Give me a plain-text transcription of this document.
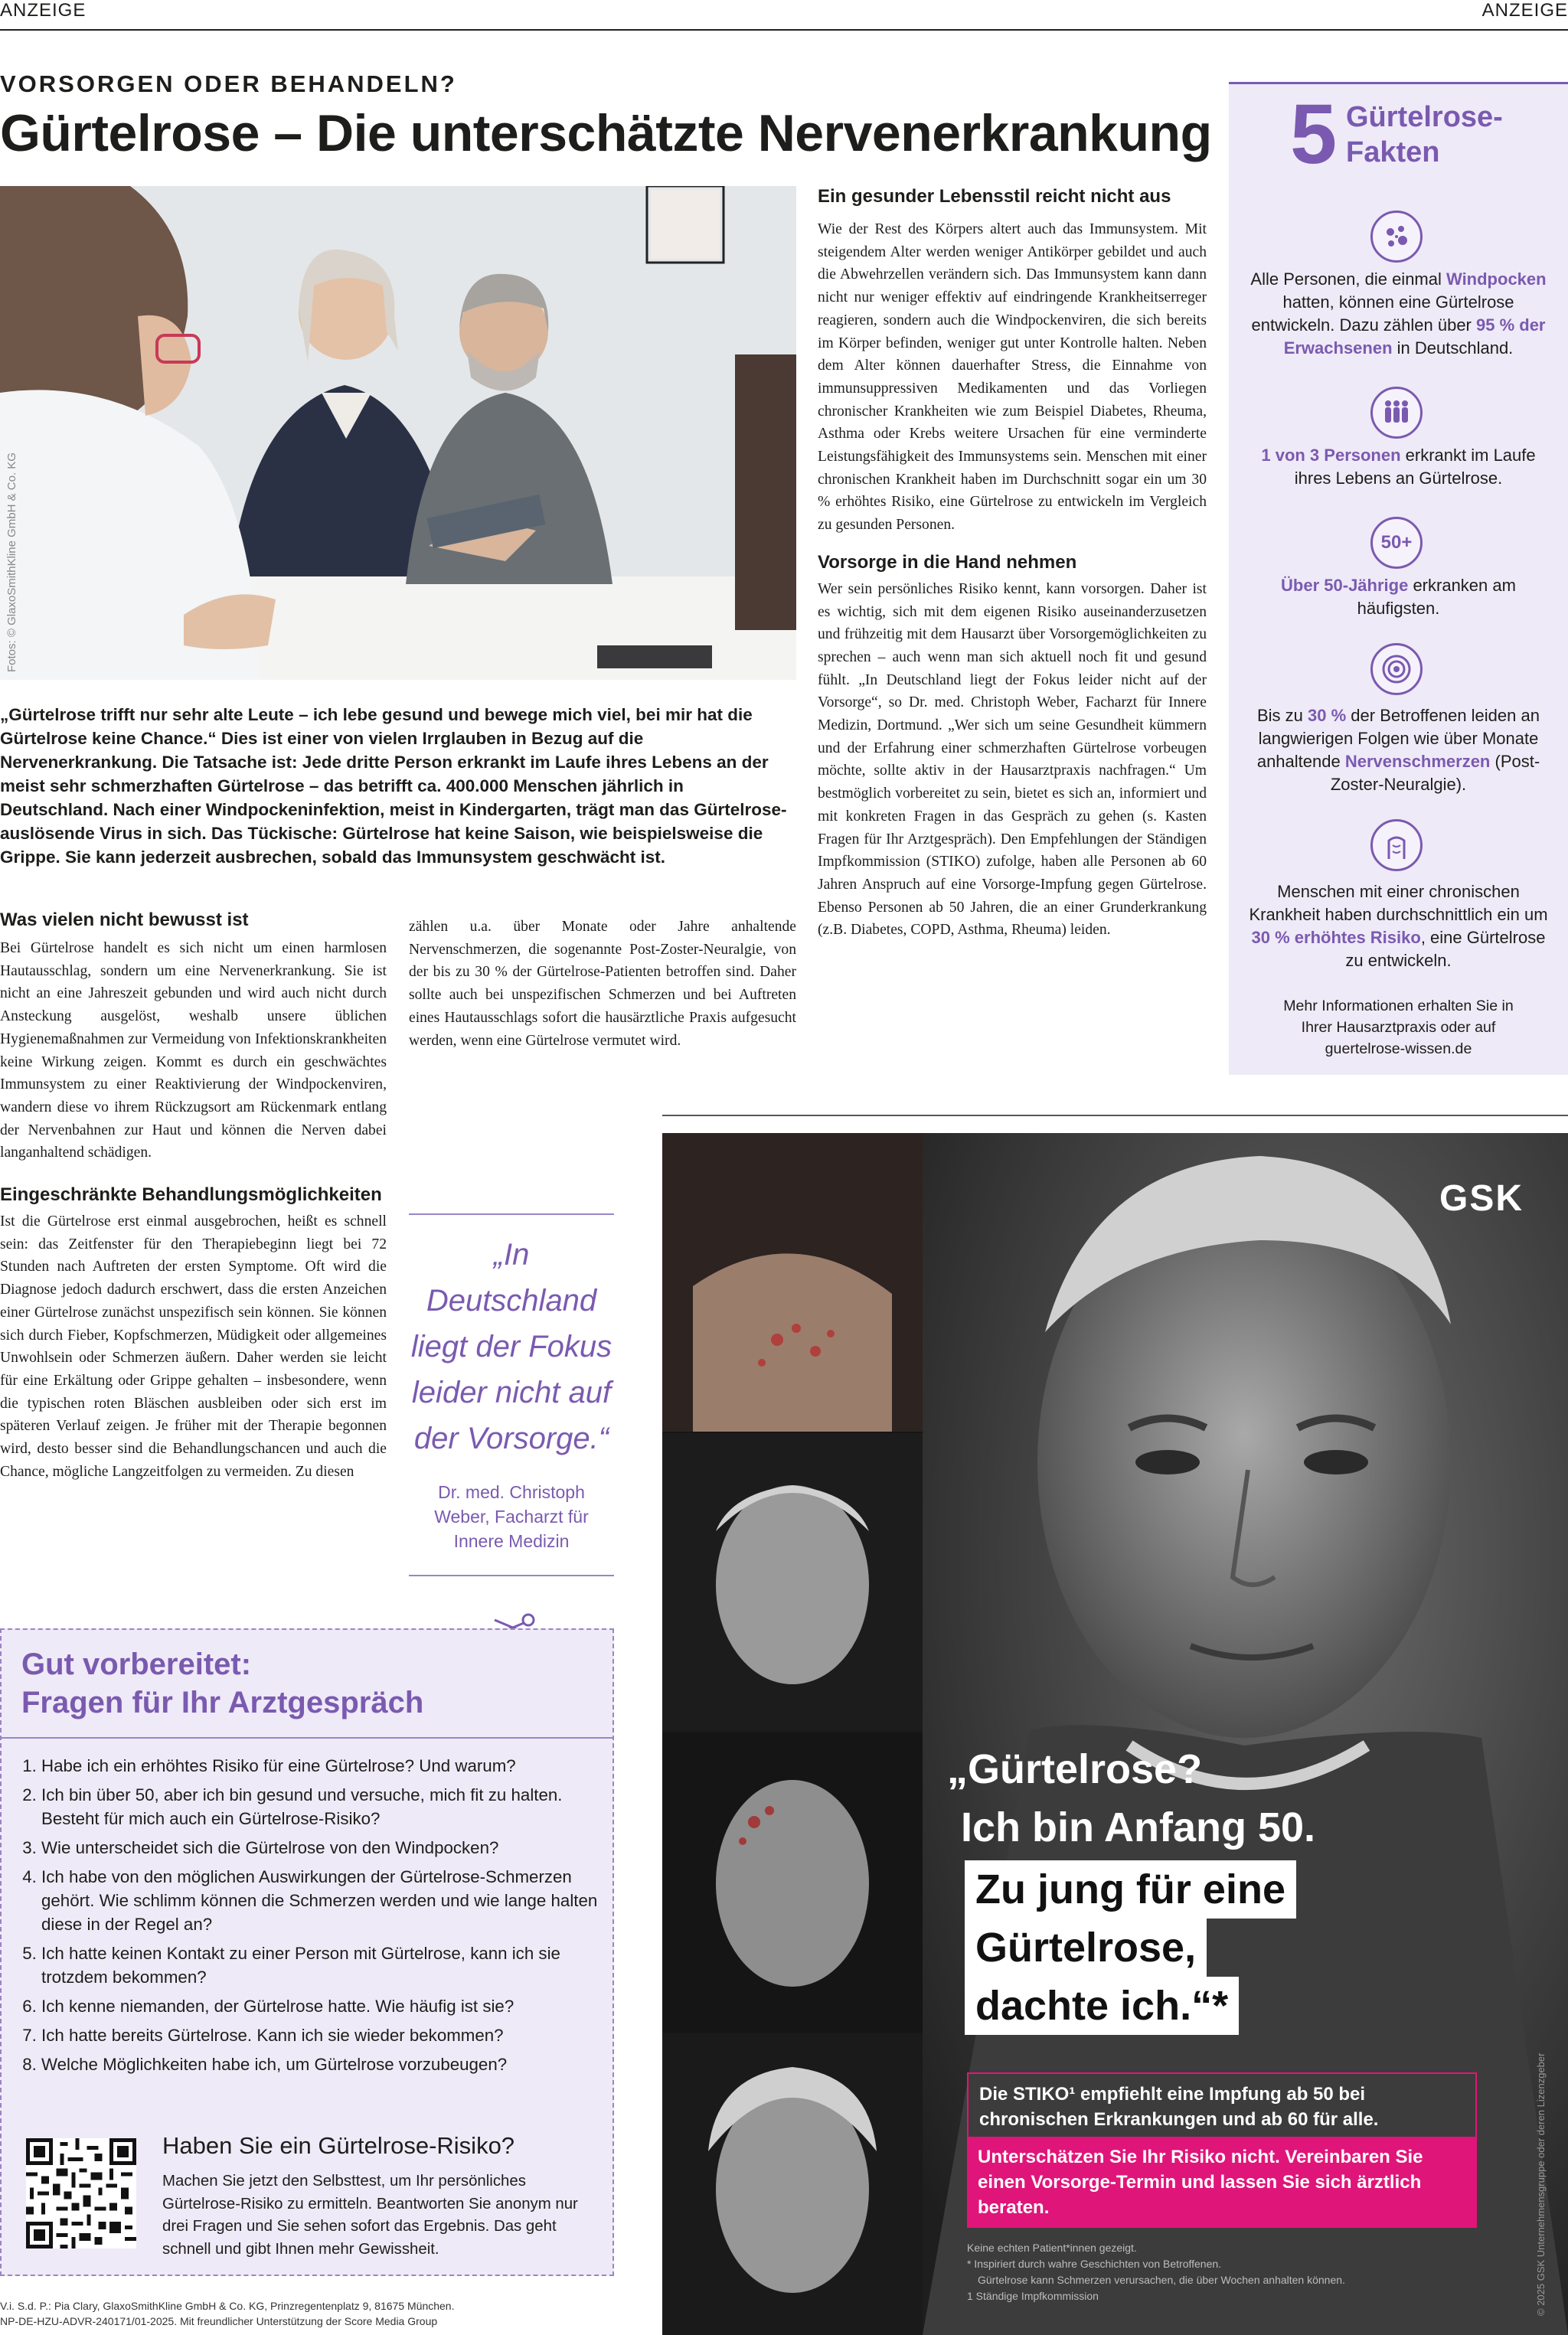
ANZEIGE	ANZEIGE
VORSORGEN ODER BEHANDELN?
Gürtelrose – Die unterschätzte Nervenerkrankung
Fotos: © GlaxoSmithKline GmbH & Co. KG
„Gürtelrose trifft nur sehr alte Leute – ich lebe gesund und bewege mich viel, bei mir hat die Gürtelrose keine Chance.“ Dies ist einer von vielen Irrglauben in Bezug auf die Nervenerkrankung. Die Tatsache ist: Jede dritte Person erkrankt im Laufe ihres Lebens an der meist sehr schmerzhaften Gürtelrose – das betrifft ca. 400.000 Menschen jährlich in Deutschland. Nach einer Windpockeninfektion, meist in Kindergarten, trägt man das Gürtelrose-auslösende Virus in sich. Das Tückische: Gürtelrose hat keine Saison, wie beispielsweise die Grippe. Sie kann jederzeit ausbrechen, sobald das Immunsystem geschwächt ist.
Was vielen nicht bewusst ist
Bei Gürtelrose handelt es sich nicht um einen harmlosen Hautausschlag, sondern um eine Nervenerkrankung. Sie ist nicht an eine Jahreszeit gebunden und wird auch nicht durch Ansteckung ausgelöst, weshalb unsere üblichen Hygienemaßnahmen zur Vermeidung von Infektionskrankheiten keine Wirkung zeigen. Kommt es durch ein geschwächtes Immunsystem zu einer Reaktivierung der Windpockenviren, wandern diese vo ihrem Rückzugsort am Rückenmark entlang der Nervenbahnen zur Haut und können die Nerven dabei langanhaltend schädigen.
Eingeschränkte Behandlungsmöglichkeiten
Ist die Gürtelrose erst einmal ausgebrochen, heißt es schnell sein: das Zeitfenster für den Therapiebeginn liegt bei 72 Stunden nach Auftreten der ersten Symptome. Oft wird die Diagnose jedoch dadurch erschwert, dass die ersten Anzeichen einer Gürtelrose zunächst unspezifisch sein können. Sie können sich durch Fieber, Kopfschmerzen, Müdigkeit oder allgemeines Unwohlsein oder Schmerzen äußern. Daher werden sie leicht für eine Erkältung oder Grippe gehalten – insbesondere, wenn die typischen roten Bläschen ausbleiben oder sich erst im späteren Verlauf zeigen. Je früher mit der Therapie begonnen wird, desto besser sind die Behandlungschancen und auch die Chance, mögliche Langzeitfolgen zu vermeiden. Zu diesen
zählen u.a. über Monate oder Jahre anhaltende Nervenschmerzen, die sogenannte Post-Zoster-Neuralgie, von der bis zu 30 % der Gürtelrose-Patienten betroffen sind. Daher sollte auch bei unspezifischen Schmerzen und bei Auftreten eines Hautausschlags sofort die hausärztliche Praxis aufgesucht werden, wenn eine Gürtelrose vermutet wird.
„In Deutschland liegt der Fokus leider nicht auf der Vorsorge.“
Dr. med. Christoph Weber, Facharzt für Innere Medizin
Ein gesunder Lebensstil reicht nicht aus
Wie der Rest des Körpers altert auch das Immunsystem. Mit steigendem Alter werden weniger Antikörper gebildet und auch die Abwehrzellen verändern sich. Das Immunsystem kann dann nicht nur weniger effektiv auf eindringende Krankheitserreger reagieren, sondern auch die Windpockenviren, die sich bereits im Körper befinden, weniger gut unter Kontrolle halten. Neben dem Alter können dauerhafter Stress, die Einnahme von immunsuppressiven Medikamenten und das Vorliegen chronischer Krankheiten wie zum Beispiel Diabetes, Rheuma, Asthma oder Krebs weitere Ursachen für eine verminderte Leistungsfähigkeit des Immunsystems sein. Menschen mit einer chronischen Krankheit haben im Durchschnitt sogar ein um 30 % erhöhtes Risiko, eine Gürtelrose zu entwickeln im Vergleich zu gesunden Personen.
Vorsorge in die Hand nehmen
Wer sein persönliches Risiko kennt, kann vorsorgen. Daher ist es wichtig, sich mit dem eigenen Risiko auseinanderzusetzen und frühzeitig mit dem Hausarzt über Vorsorgemöglichkeiten zu sprechen – auch wenn man sich aktuell noch fit und gesund fühlt. „In Deutschland liegt der Fokus leider nicht auf der Vorsorge“, so Dr. med. Christoph Weber, Facharzt für Innere Medizin, Dortmund. „Wer sich um seine Gesundheit kümmern und der Erfahrung einer schmerzhaften Gürtelrose vorbeugen möchte, sollte aktiv in der Hausarztpraxis nachfragen.“ Um bestmöglich vorbereitet zu sein, bietet es sich an, informiert und mit konkreten Fragen in das Gespräch zu gehen (s. Kasten Fragen für Ihr Arztgespräch). Den Empfehlungen der Ständigen Impfkommission (STIKO) zufolge, haben alle Personen ab 60 Jahren Anspruch auf eine Vorsorge-Impfung gegen Gürtelrose. Ebenso Personen ab 50 Jahren, die an einer Grunderkrankung (z.B. Diabetes, COPD, Asthma, Rheuma) leiden.
5 Gürtelrose-
Fakten
Alle Personen, die einmal Windpocken hatten, können eine Gürtelrose entwickeln. Dazu zählen über 95 % der Erwachsenen in Deutschland.
1 von 3 Personen erkrankt im Laufe ihres Lebens an Gürtelrose.
50+
Über 50-Jährige erkranken am häufigsten.
Bis zu 30 % der Betroffenen leiden an langwierigen Folgen wie über Monate anhaltende Nervenschmerzen (Post-Zoster-Neuralgie).
Menschen mit einer chronischen Krankheit haben durchschnittlich ein um 30 % erhöhtes Risiko, eine Gürtelrose zu entwickeln.
Mehr Informationen erhalten Sie in Ihrer Hausarztpraxis oder auf guertelrose-wissen.de
Gut vorbereitet:
Fragen für Ihr Arztgespräch
1. Habe ich ein erhöhtes Risiko für eine Gürtelrose? Und warum?
2. Ich bin über 50, aber ich bin gesund und versuche, mich fit zu halten. Besteht für mich auch ein Gürtelrose-Risiko?
3. Wie unterscheidet sich die Gürtelrose von den Windpocken?
4. Ich habe von den möglichen Auswirkungen der Gürtelrose-Schmerzen gehört. Wie schlimm können die Schmerzen werden und wie lange halten diese in der Regel an?
5. Ich hatte keinen Kontakt zu einer Person mit Gürtelrose, kann ich sie trotzdem bekommen?
6. Ich kenne niemanden, der Gürtelrose hatte. Wie häufig ist sie?
7. Ich hatte bereits Gürtelrose. Kann ich sie wieder bekommen?
8. Welche Möglichkeiten habe ich, um Gürtelrose vorzubeugen?
Haben Sie ein Gürtelrose-Risiko?
Machen Sie jetzt den Selbsttest, um Ihr persönliches Gürtelrose-Risiko zu ermitteln. Beantworten Sie anonym nur drei Fragen und Sie sehen sofort das Ergebnis. Das geht schnell und gibt Ihnen mehr Gewissheit.
V.i. S.d. P.: Pia Clary, GlaxoSmithKline GmbH & Co. KG, Prinzregentenplatz 9, 81675 München.
NP-DE-HZU-ADVR-240171/01-2025. Mit freundlicher Unterstützung der Score Media Group
GSK
„Gürtelrose?
Ich bin Anfang 50.
Zu jung für eine
Gürtelrose,
dachte ich.“*
Die STIKO¹ empfiehlt eine Impfung ab 50 bei chronischen Erkrankungen und ab 60 für alle.
Unterschätzen Sie Ihr Risiko nicht. Vereinbaren Sie einen Vorsorge-Termin und lassen Sie sich ärztlich beraten.
Keine echten Patient*innen gezeigt.
* Inspiriert durch wahre Geschichten von Betroffenen.
Gürtelrose kann Schmerzen verursachen, die über Wochen anhalten können.
1 Ständige Impfkommission	© 2025 GSK Unternehmensgruppe oder deren Lizenzgeber
